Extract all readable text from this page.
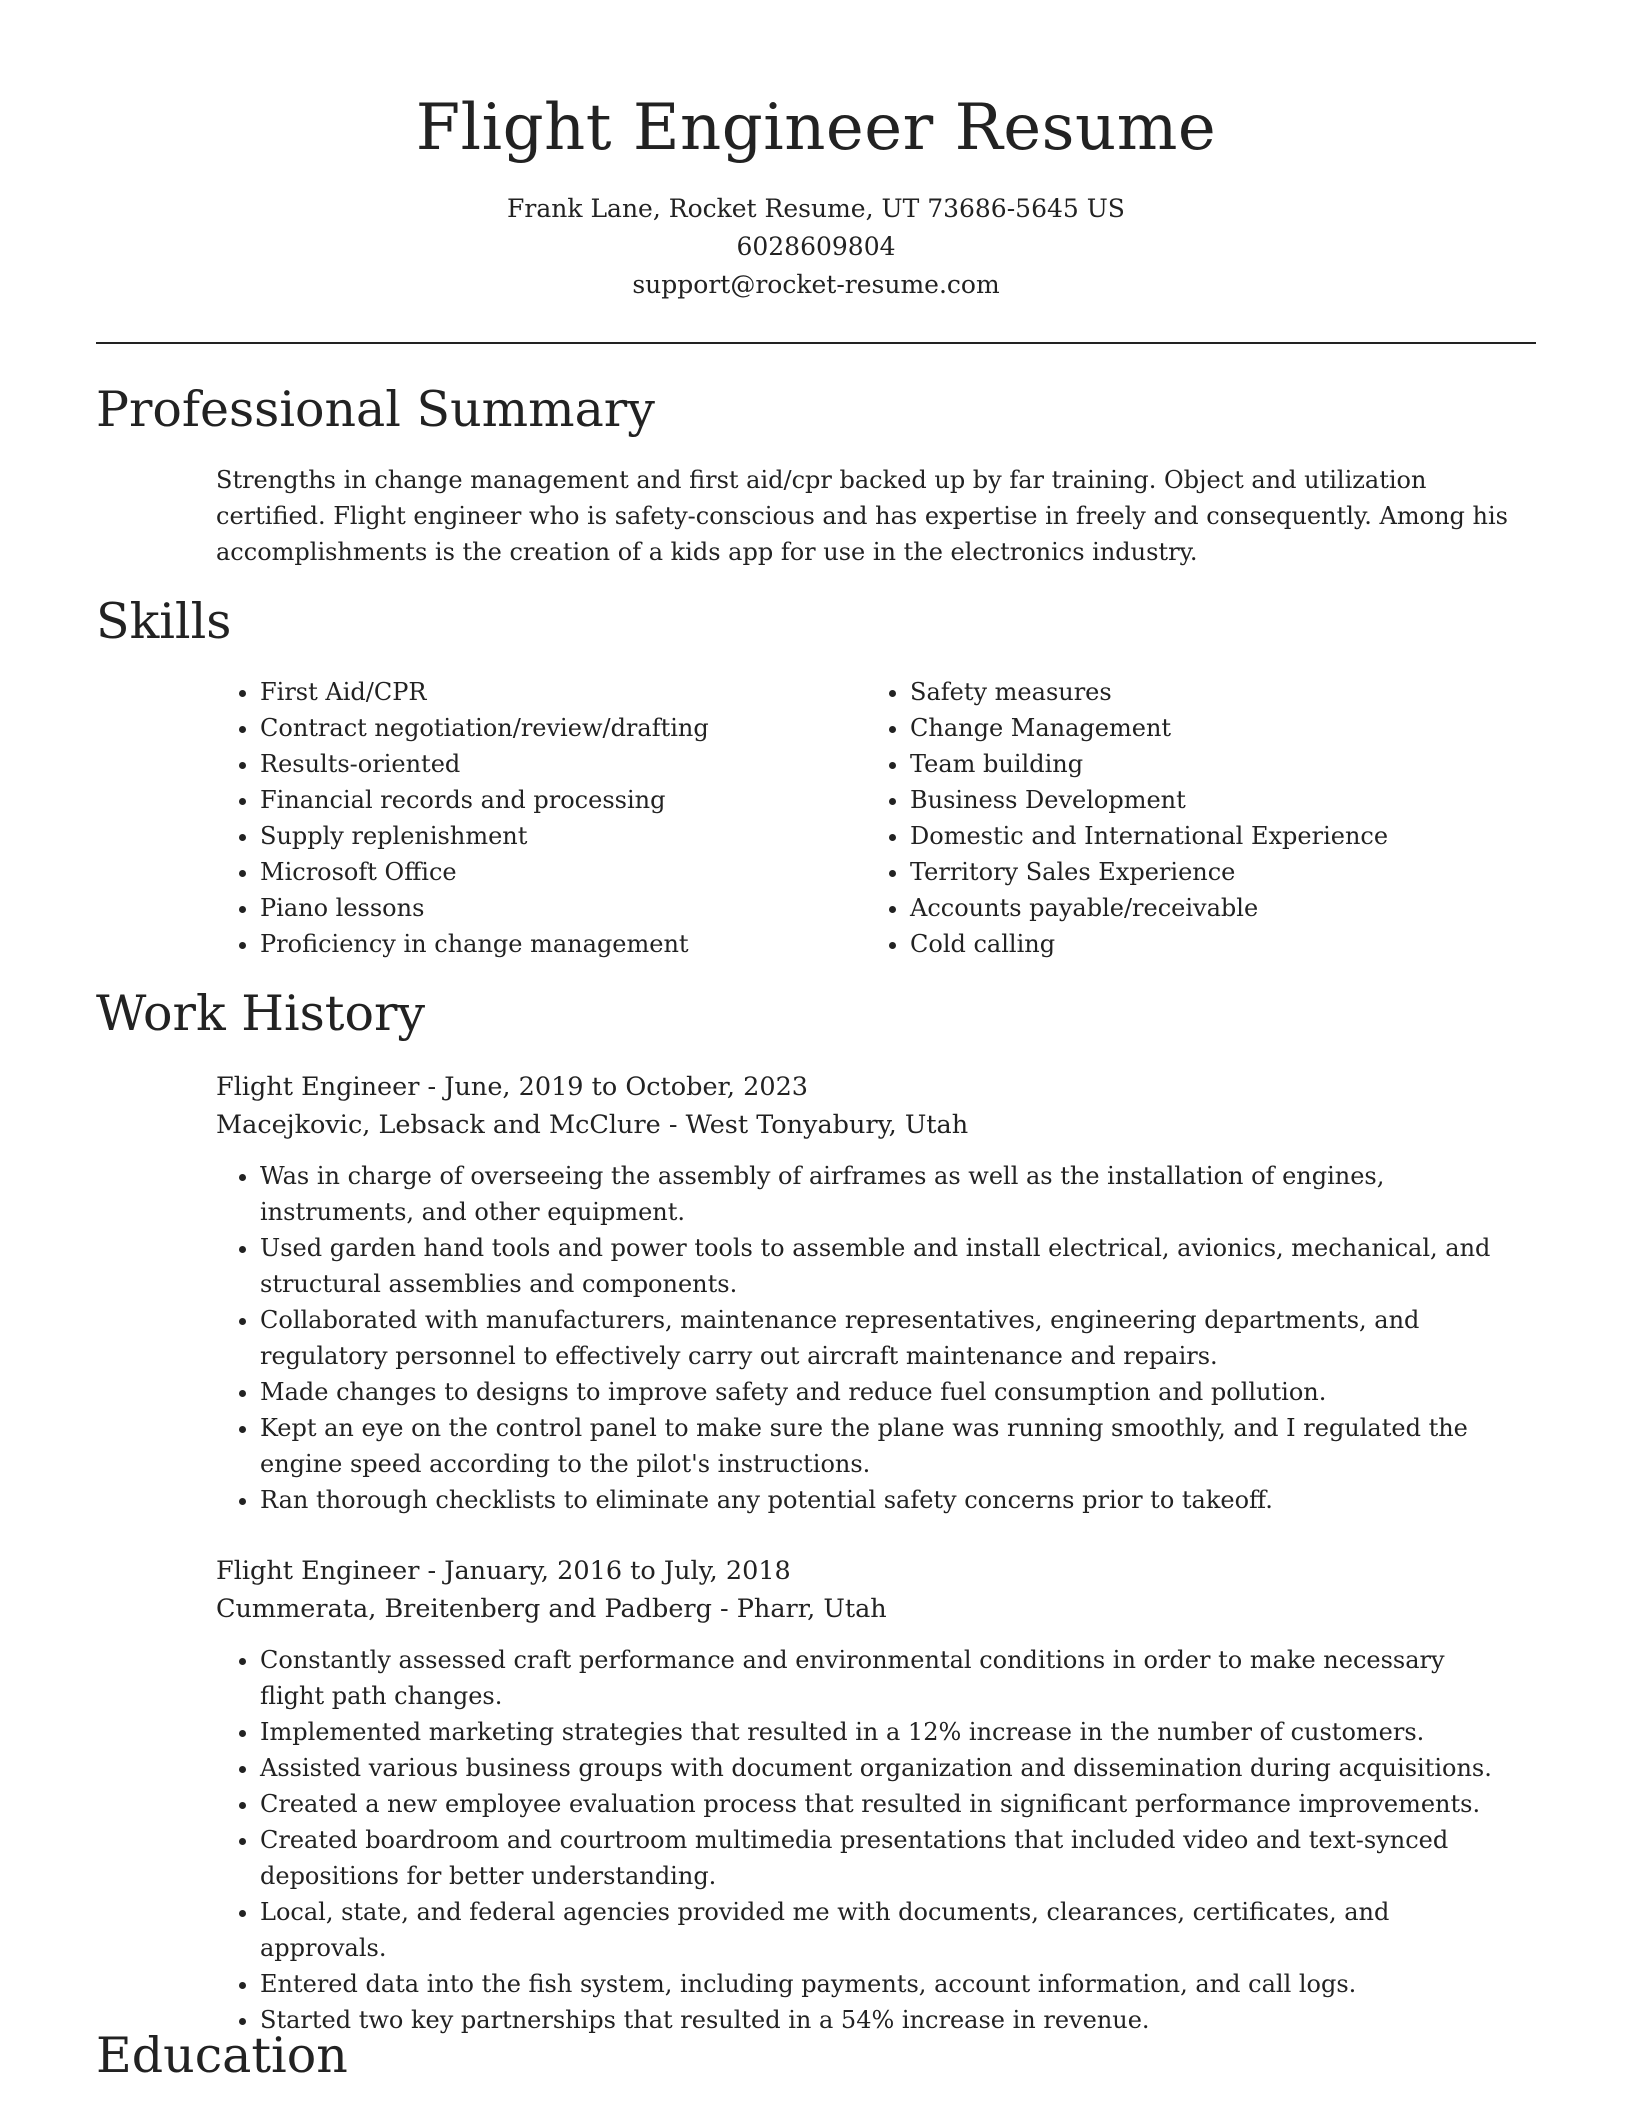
Flight Engineer Resume
Frank Lane, Rocket Resume, UT 73686-5645 US
6028609804
support@rocket-resume.com
Professional Summary

Strengths in change management and first aid/cpr backed up by far training. Object and utilization certified. Flight engineer who is safety-conscious and has expertise in freely and consequently. Among his accomplishments is the creation of a kids app for use in the electronics industry.

Skills
• First Aid/CPR
• Contract negotiation/review/drafting
• Results-oriented
• Financial records and processing
• Supply replenishment
• Microsoft Office
• Piano lessons
• Proficiency in change management
• Safety measures
• Change Management
• Team building
• Business Development
• Domestic and International Experience
• Territory Sales Experience
• Accounts payable/receivable
• Cold calling
Work History
Flight Engineer - June, 2019 to October, 2023
Macejkovic, Lebsack and McClure - West Tonyabury, Utah
• Was in charge of overseeing the assembly of airframes as well as the installation of engines, instruments, and other equipment.
• Used garden hand tools and power tools to assemble and install electrical, avionics, mechanical, and structural assemblies and components.
• Collaborated with manufacturers, maintenance representatives, engineering departments, and regulatory personnel to effectively carry out aircraft maintenance and repairs.
• Made changes to designs to improve safety and reduce fuel consumption and pollution.
• Kept an eye on the control panel to make sure the plane was running smoothly, and I regulated the engine speed according to the pilot's instructions.
• Ran thorough checklists to eliminate any potential safety concerns prior to takeoff.
Flight Engineer - January, 2016 to July, 2018
Cummerata, Breitenberg and Padberg - Pharr, Utah
• Constantly assessed craft performance and environmental conditions in order to make necessary flight path changes.
• Implemented marketing strategies that resulted in a 12% increase in the number of customers.
• Assisted various business groups with document organization and dissemination during acquisitions.
• Created a new employee evaluation process that resulted in significant performance improvements.
• Created boardroom and courtroom multimedia presentations that included video and text-synced depositions for better understanding.
• Local, state, and federal agencies provided me with documents, clearances, certificates, and approvals.
• Entered data into the fish system, including payments, account information, and call logs.
• Started two key partnerships that resulted in a 54% increase in revenue.
Education
